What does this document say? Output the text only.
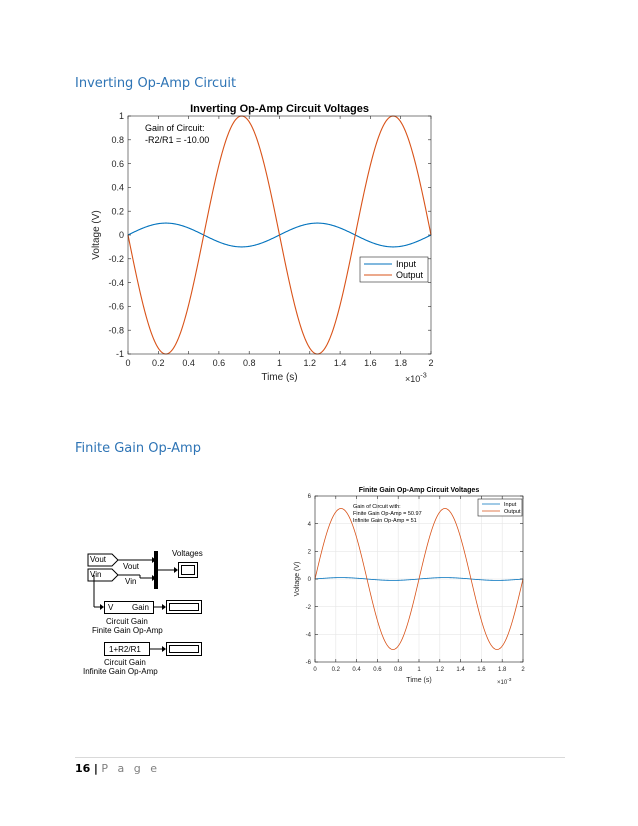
Inverting Op-Amp Circuit
0 0.2 0.4 0.6 0.8 1 1.2 1.4 1.6 1.8 2
-1
-0.8
-0.6
-0.4
-0.2
0
0.2
0.4
0.6
0.8
1
Inverting Op-Amp Circuit Voltages
Time (s)
Voltage (V)
×10 -3
Gain of Circuit:
-R2/R1 = -10.00
Input
Output
Finite Gain Op-Amp
Vout
Vin
Vout
Vin
Voltages
V Gain
Circuit Gain
Finite Gain Op-Amp
1+R2/R1
Circuit Gain
Infinite Gain Op-Amp	0 0.2 0.4 0.6 0.8 1 1.2 1.4 1.6 1.8 2
-6
-4
-2
0
2
4
6
Finite Gain Op-Amp Circuit Voltages
Time (s)
Voltage (V)
×10 -3
Gain of Circuit with:
Finite Gain Op-Amp = 50.97
Infinite Gain Op-Amp = 51
Input
Output
16 | P a g e
